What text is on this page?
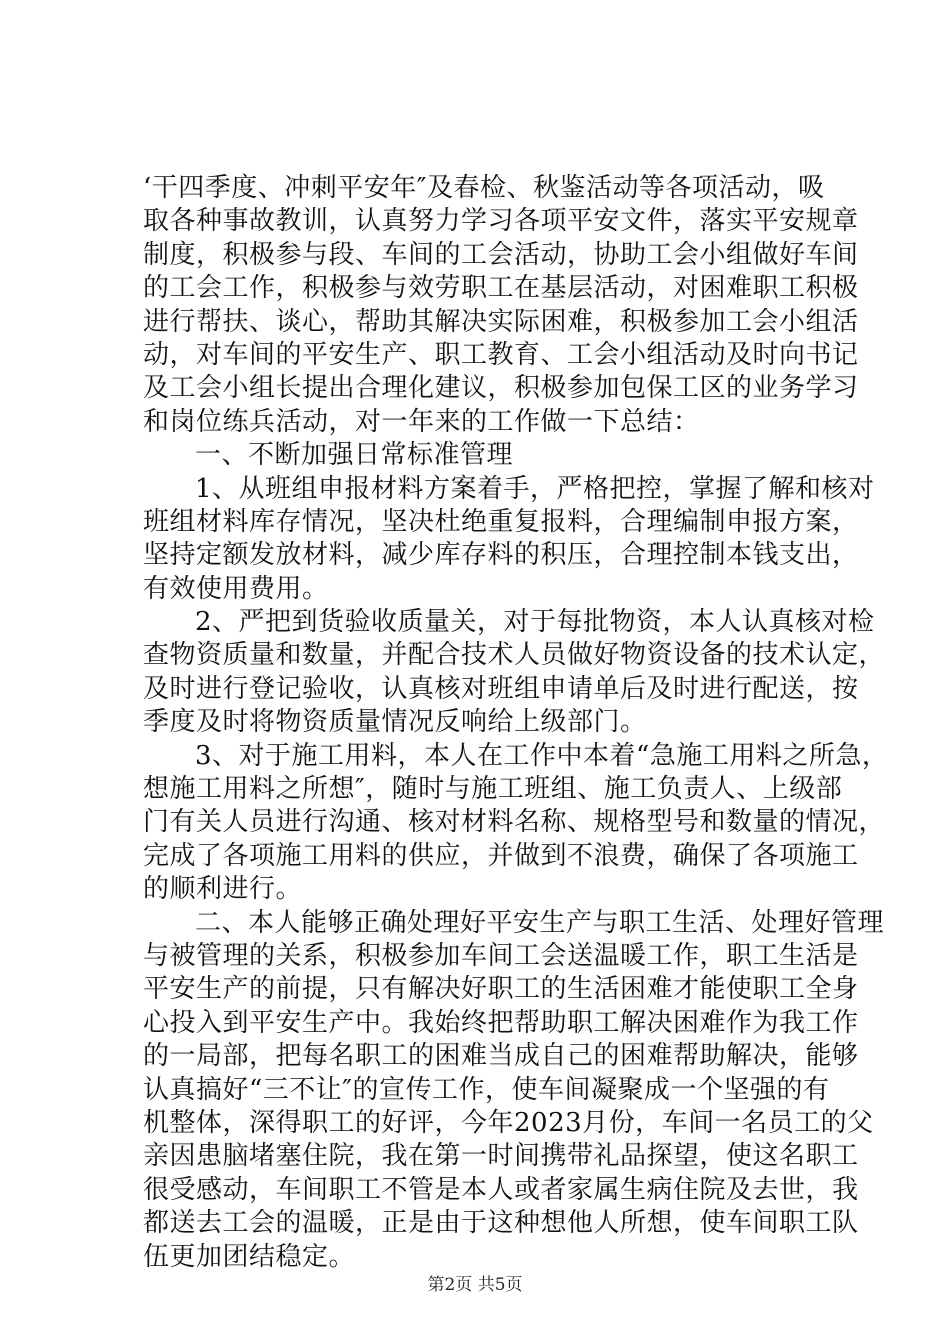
‘干四季度、冲刺平安年″及春检、秋鉴活动等各项活动，吸
取各种事故教训，认真努力学习各项平安文件，落实平安规章
制度，积极参与段、车间的工会活动，协助工会小组做好车间
的工会工作，积极参与效劳职工在基层活动，对困难职工积极
进行帮扶、谈心，帮助其解决实际困难，积极参加工会小组活
动，对车间的平安生产、职工教育、工会小组活动及时向书记
及工会小组长提出合理化建议，积极参加包保工区的业务学习
和岗位练兵活动，对一年来的工作做一下总结：
一、不断加强日常标准管理
1、从班组申报材料方案着手，严格把控，掌握了解和核对
班组材料库存情况，坚决杜绝重复报料，合理编制申报方案，
坚持定额发放材料，减少库存料的积压，合理控制本钱支出，
有效使用费用。
2、严把到货验收质量关，对于每批物资，本人认真核对检
查物资质量和数量，并配合技术人员做好物资设备的技术认定，
及时进行登记验收，认真核对班组申请单后及时进行配送，按
季度及时将物资质量情况反响给上级部门。
3、对于施工用料，本人在工作中本着“急施工用料之所急，
想施工用料之所想″，随时与施工班组、施工负责人、上级部
门有关人员进行沟通、核对材料名称、规格型号和数量的情况，
完成了各项施工用料的供应，并做到不浪费，确保了各项施工
的顺利进行。
二、本人能够正确处理好平安生产与职工生活、处理好管理
与被管理的关系，积极参加车间工会送温暖工作，职工生活是
平安生产的前提，只有解决好职工的生活困难才能使职工全身
心投入到平安生产中。我始终把帮助职工解决困难作为我工作
的一局部，把每名职工的困难当成自己的困难帮助解决，能够
认真搞好“三不让″的宣传工作，使车间凝聚成一个坚强的有
机整体，深得职工的好评，今年2023月份，车间一名员工的父
亲因患脑堵塞住院，我在第一时间携带礼品探望，使这名职工
很受感动，车间职工不管是本人或者家属生病住院及去世，我
都送去工会的温暖，正是由于这种想他人所想，使车间职工队
伍更加团结稳定。
第2页 共5页
